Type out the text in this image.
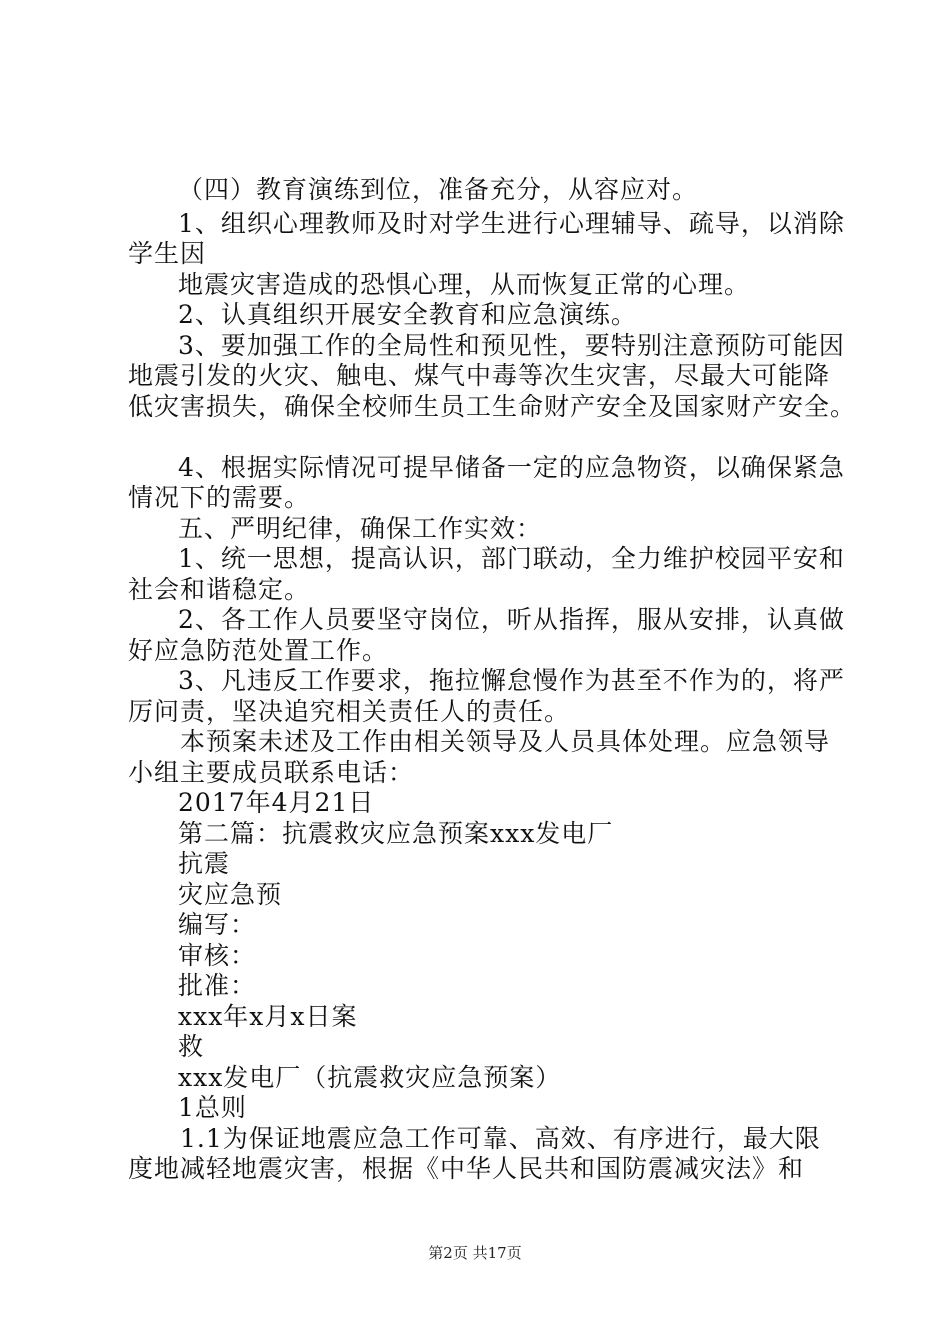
（四）教育演练到位，准备充分，从容应对。
1、组织心理教师及时对学生进行心理辅导、疏导，以消除
学生因
地震灾害造成的恐惧心理，从而恢复正常的心理。
2、认真组织开展安全教育和应急演练。
3、要加强工作的全局性和预见性，要特别注意预防可能因
地震引发的火灾、触电、煤气中毒等次生灾害，尽最大可能降
低灾害损失，确保全校师生员工生命财产安全及国家财产安全。
4、根据实际情况可提早储备一定的应急物资，以确保紧急
情况下的需要。
五、严明纪律，确保工作实效：
1、统一思想，提高认识，部门联动，全力维护校园平安和
社会和谐稳定。
2、各工作人员要坚守岗位，听从指挥，服从安排，认真做
好应急防范处置工作。
3、凡违反工作要求，拖拉懈怠慢作为甚至不作为的，将严
厉问责，坚决追究相关责任人的责任。
本预案未述及工作由相关领导及人员具体处理。应急领导
小组主要成员联系电话：
2017年4月21日
第二篇：抗震救灾应急预案xxx发电厂
抗震
灾应急预
编写：
审核：
批准：
xxx年x月x日案
救
xxx发电厂（抗震救灾应急预案）
1总则
1.1为保证地震应急工作可靠、高效、有序进行，最大限
度地减轻地震灾害，根据《中华人民共和国防震减灾法》和
第2页 共17页
